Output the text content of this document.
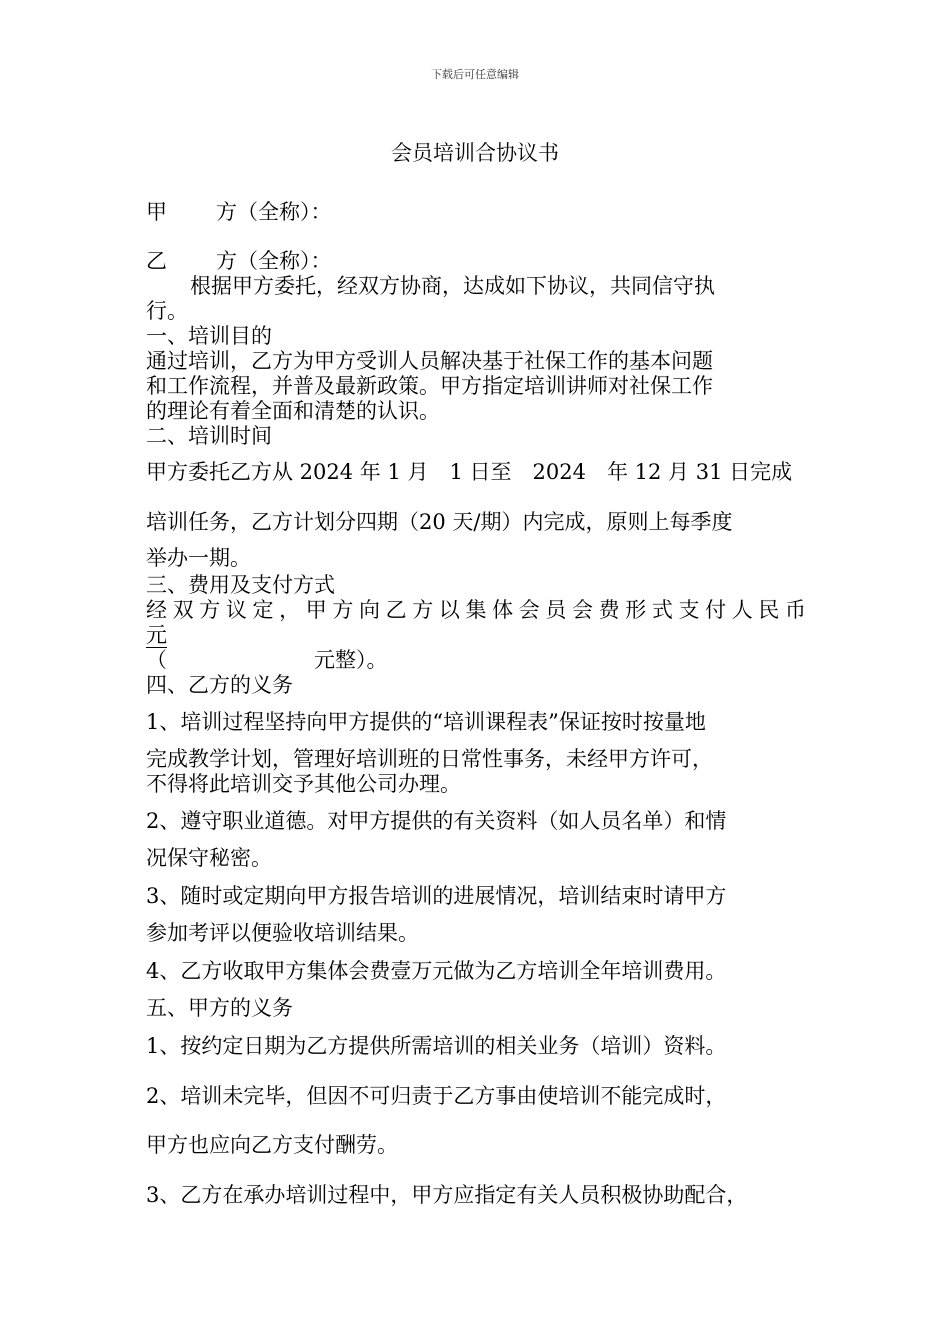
下载后可任意编辑
会员培训合协议书
甲 方（全称）：
乙 方（全称）：
根据甲方委托，经双方协商，达成如下协议，共同信守执
行。
一、培训目的
通过培训，乙方为甲方受训人员解决基于社保工作的基本问题
和工作流程，并普及最新政策。甲方指定培训讲师对社保工作
的理论有着全面和清楚的认识。
二、培训时间
甲方委托乙方从 2024 年 1 月　1 日至　2024　年 12 月 31 日完成
培训任务，乙方计划分四期（20 天/期）内完成，原则上每季度
举办一期。
三、费用及支付方式
经双方议定，甲方向乙方以集体会员会费形式支付人民币
元
（　　　　　　　元整）。
四、乙方的义务
1、培训过程坚持向甲方提供的“培训课程表”保证按时按量地
完成教学计划，管理好培训班的日常性事务，未经甲方许可，
不得将此培训交予其他公司办理。
2、遵守职业道德。对甲方提供的有关资料（如人员名单）和情
况保守秘密。
3、随时或定期向甲方报告培训的进展情况，培训结束时请甲方
参加考评以便验收培训结果。
4、乙方收取甲方集体会费壹万元做为乙方培训全年培训费用。
五、甲方的义务
1、按约定日期为乙方提供所需培训的相关业务（培训）资料。
2、培训未完毕，但因不可归责于乙方事由使培训不能完成时，
甲方也应向乙方支付酬劳。
3、乙方在承办培训过程中，甲方应指定有关人员积极协助配合，
